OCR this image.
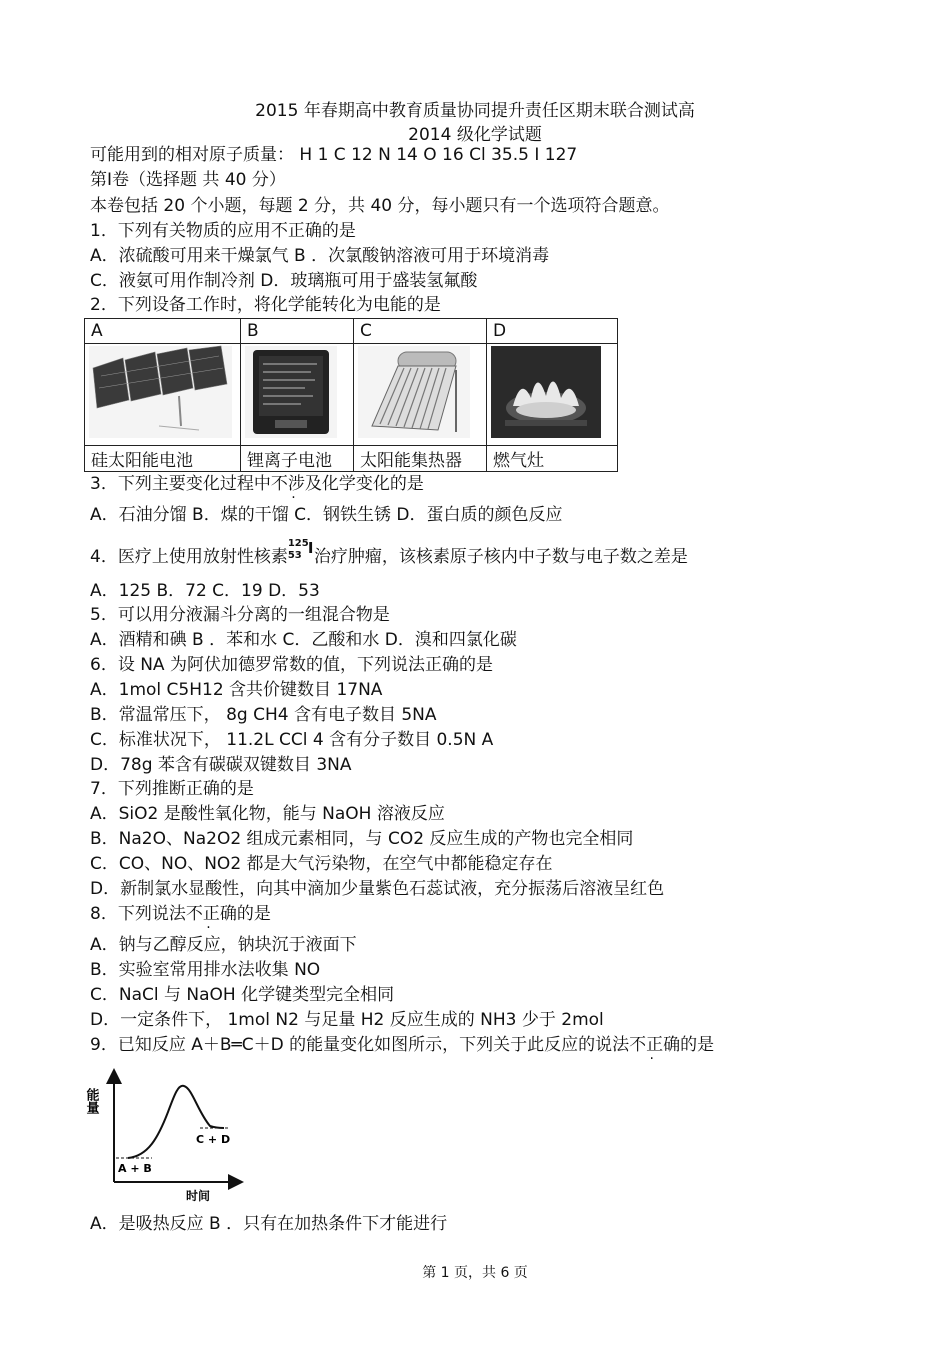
2015 年春期高中教育质量协同提升责任区期末联合测试高
2014 级化学试题
可能用到的相对原子质量： H 1 C 12 N 14 O 16 Cl 35.5 I 127
第Ⅰ卷（选择题 共 40 分）
本卷包括 20 个小题，每题 2 分，共 40 分，每小题只有一个选项符合题意。
1．下列有关物质的应用不正确的是
A．浓硫酸可用来干燥氯气 B ．次氯酸钠溶液可用于环境消毒
C．液氨可用作制冷剂 D．玻璃瓶可用于盛装氢氟酸
2．下列设备工作时，将化学能转化为电能的是
A	B	C	D

硅太阳能电池	锂离子电池	太阳能集热器	燃气灶
3．下列主要变化过程中不涉及化学变化的是
A．石油分馏 B．煤的干馏 C．钢铁生锈 D．蛋白质的颜色反应
4．医疗上使用放射性核素
125
53 I 治疗肿瘤，该核素原子核内中子数与电子数之差是
A．125 B．72 C．19 D．53
5．可以用分液漏斗分离的一组混合物是
A．酒精和碘 B ．苯和水 C．乙酸和水 D．溴和四氯化碳
6．设 NA 为阿伏加德罗常数的值，下列说法正确的是
A．1mol C5H12 含共价键数目 17NA
B．常温常压下， 8g CH4 含有电子数目 5NA
C．标准状况下， 11.2L CCl 4 含有分子数目 0.5N A
D．78g 苯含有碳碳双键数目 3NA
7．下列推断正确的是
A．SiO2 是酸性氧化物，能与 NaOH 溶液反应
B．Na2O、Na2O2 组成元素相同，与 CO2 反应生成的产物也完全相同
C．CO、NO、NO2 都是大气污染物，在空气中都能稳定存在
D．新制氯水显酸性，向其中滴加少量紫色石蕊试液，充分振荡后溶液呈红色
8．下列说法不正确的是
A．钠与乙醇反应，钠块沉于液面下
B．实验室常用排水法收集 NO
C．NaCl 与 NaOH 化学键类型完全相同
D．一定条件下， 1mol N2 与足量 H2 反应生成的 NH3 少于 2mol
9．已知反应 A＋B═C＋D 的能量变化如图所示，下列关于此反应的说法不正确的是
能量
A + B
C + D
时间
A．是吸热反应 B ．只有在加热条件下才能进行
第 1 页，共 6 页
